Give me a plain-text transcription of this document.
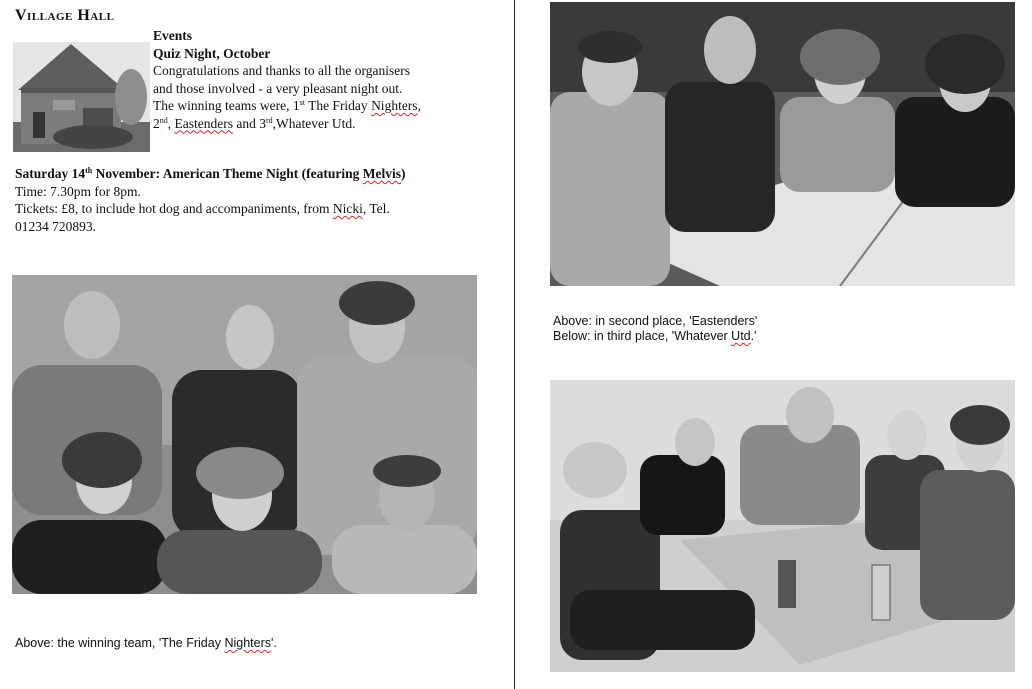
Village Hall
Events
Quiz Night, October
Congratulations and thanks to all the organisers
and those involved - a very pleasant night out.
The winning teams were, 1st The Friday Nighters,
2nd, Eastenders and 3rd,Whatever Utd.
Saturday 14th November: American Theme Night (featuring Melvis)
Time: 7.30pm for 8pm.
Tickets: £8, to include hot dog and accompaniments, from Nicki, Tel.
01234 720893.
Above: in second place, 'Eastenders'
Below: in third place, 'Whatever Utd.'
Above: the winning team, 'The Friday Nighters'.
